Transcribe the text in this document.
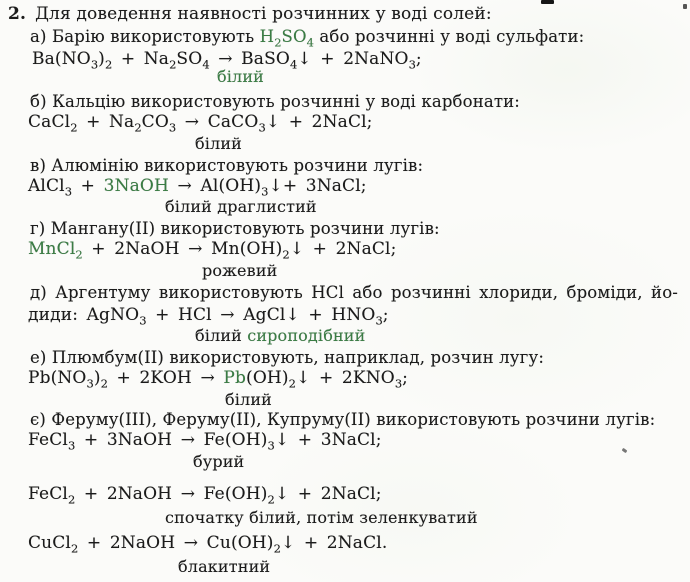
2. Для доведення наявності розчинних у воді солей:
а) Барію використовують $H_2SO_4$ або розчинні у воді сульфати:
$Ba(NO_3)_2 + Na_2SO_4$ → BaSO$_4$↓ + 2NaNO$_3$;
білий
б) Кальцію використовують розчинні у воді карбонати:
CaCl$_2$ + $Na_2CO_3$ → CaCO$_3$↓ + 2NaCl;
білий
в) Алюмінію використовують розчини лугів:
AlCl$_3$ + 3NaOH → $Al(OH)_3↓+$ 3NaCl;
білий драглистий
г) Мангану(II) використовують розчини лугів:
MnCl$_2$ + 2NaOH → $Mn(OH)_2↓$ + 2NaCl;
рожевий
д) Аргентуму використовують HCl або розчинні хлориди, броміди, йо-
диди: AgNO$_3$ + HCl → AgCl↓ + $HNO_3$;
білий сироподібний
е) Плюмбум(II) використовують, наприклад, розчин лугу:
$Pb(NO_3)_2 + 2KOH$ → $Pb(OH)_2↓ + 2KNO_3$;
білий
є) Феруму(III), Феруму(II), Купруму(II) використовують розчини лугів:
FeCl$_3$ + 3NaOH → $Fe(OH)_3↓$ + 3NaCl;
бурий
FeCl$_2$ + 2NaOH → $Fe(OH)_2↓$ + 2NaCl;
спочатку білий, потім зеленкуватий
CuCl$_2$ + 2NaOH → $Cu(OH)_2↓$ + 2NaCl.
блакитний
